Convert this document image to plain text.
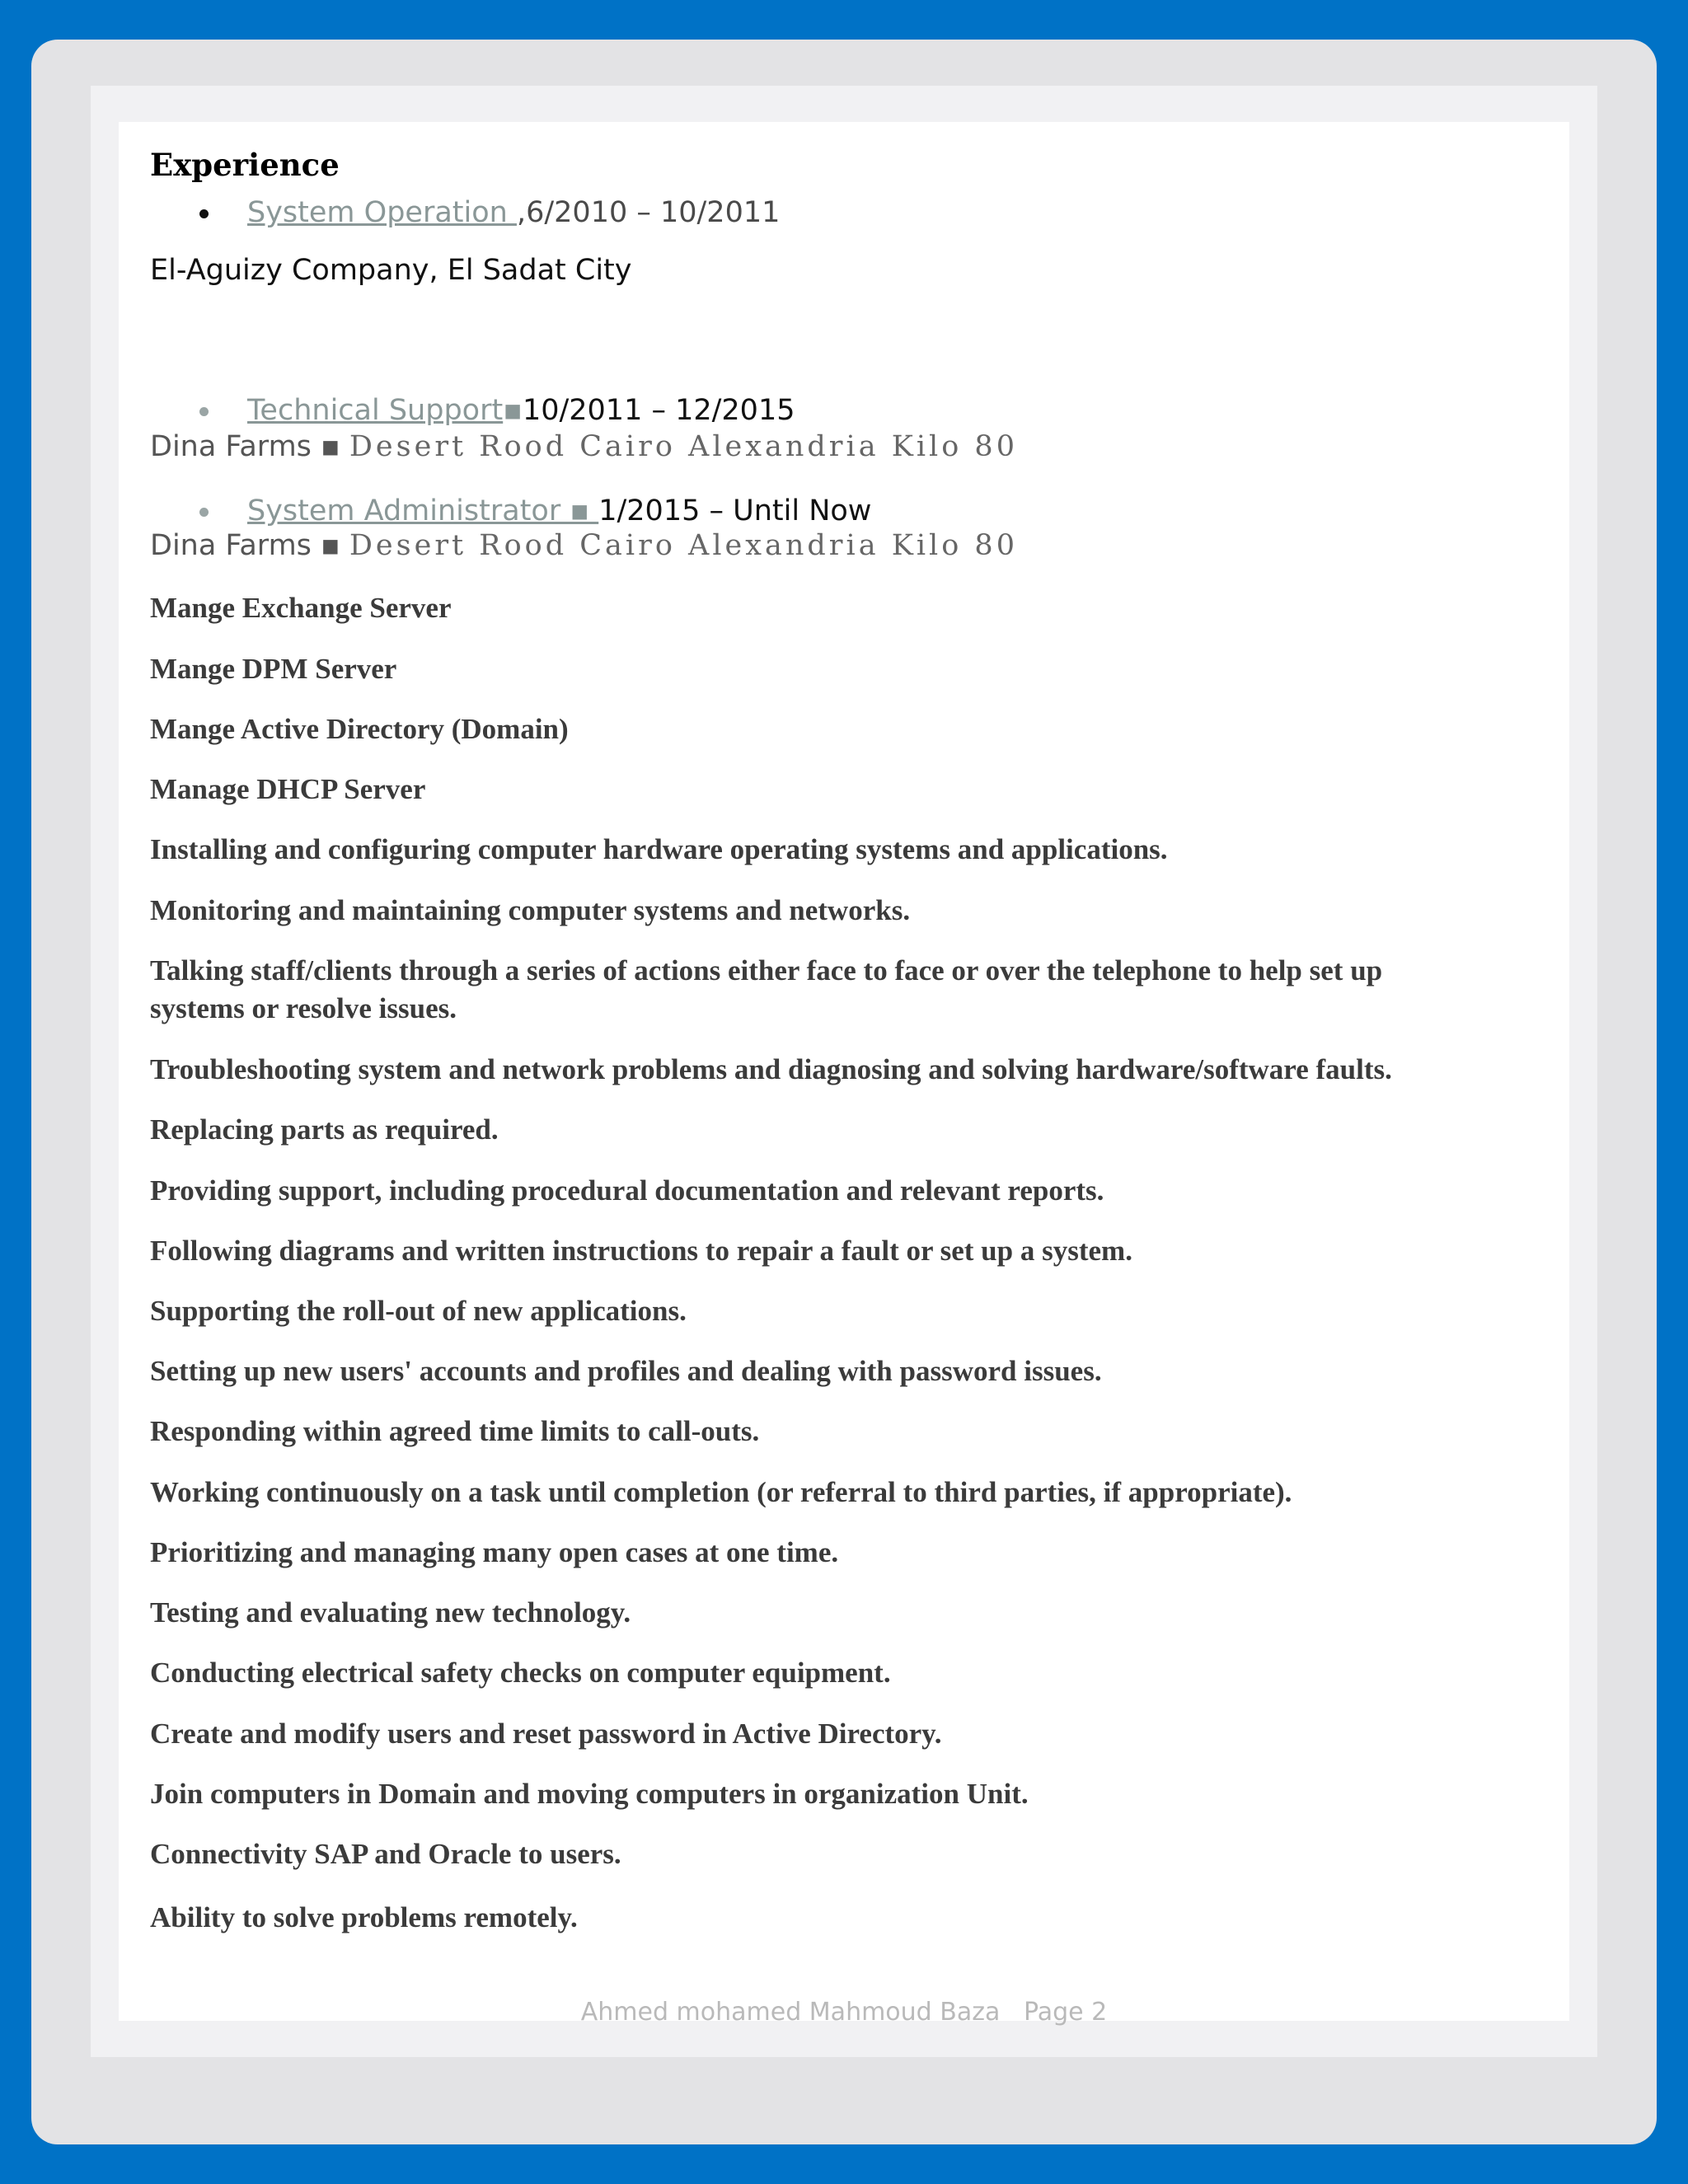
Experience
System Operation ,6/2010 – 10/2011
El-Aguizy Company, El Sadat City
Technical Support▪10/2011 – 12/2015
Dina Farms ▪ Desert Rood Cairo Alexandria Kilo 80
System Administrator ▪ 1/2015 – Until Now
Dina Farms ▪ Desert Rood Cairo Alexandria Kilo 80
Mange Exchange Server
Mange DPM Server
Mange Active Directory (Domain)
Manage DHCP Server
Installing and configuring computer hardware operating systems and applications.
Monitoring and maintaining computer systems and networks.
Talking staff/clients through a series of actions either face to face or over the telephone to help set up systems or resolve issues.
Troubleshooting system and network problems and diagnosing and solving hardware/software faults.
Replacing parts as required.
Providing support, including procedural documentation and relevant reports.
Following diagrams and written instructions to repair a fault or set up a system.
Supporting the roll-out of new applications.
Setting up new users' accounts and profiles and dealing with password issues.
Responding within agreed time limits to call-outs.
Working continuously on a task until completion (or referral to third parties, if appropriate).
Prioritizing and managing many open cases at one time.
Testing and evaluating new technology.
Conducting electrical safety checks on computer equipment.
Create and modify users and reset password in Active Directory.
Join computers in Domain and moving computers in organization Unit.
Connectivity SAP and Oracle to users.
Ability to solve problems remotely.
Ahmed mohamed Mahmoud Baza Page 2
